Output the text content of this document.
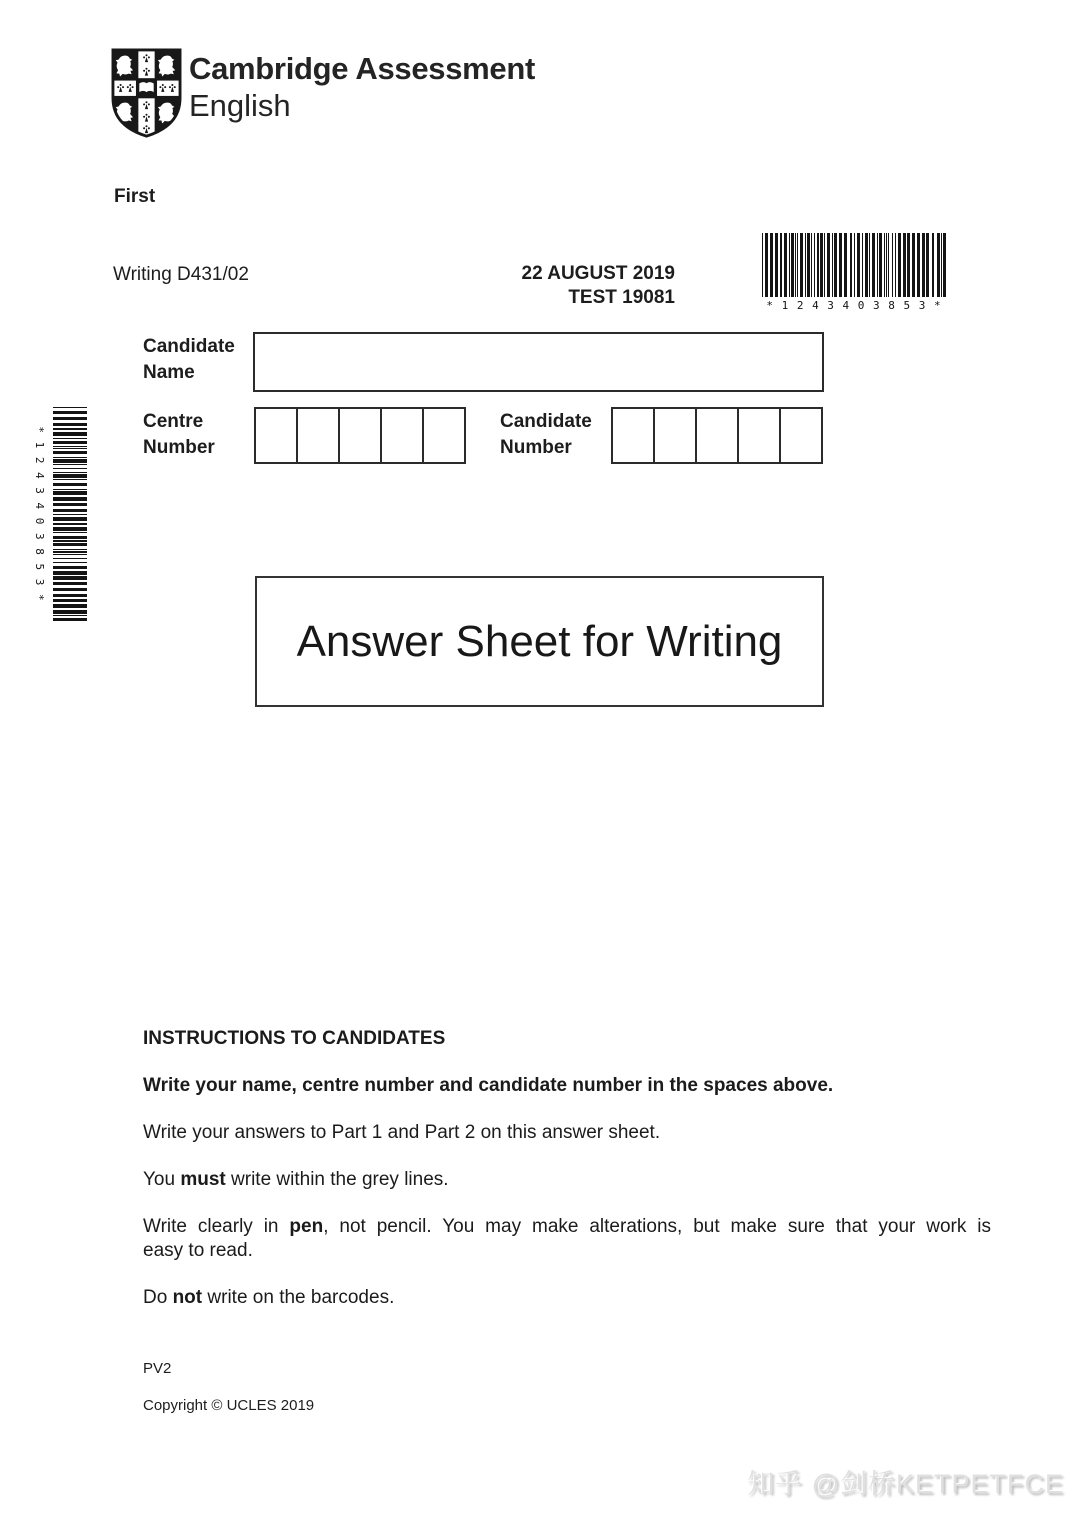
Cambridge Assessment
English
First
Writing D431/02	22 AUGUST 2019
TEST 19081	* 1 2 4 3 4 0 3 8 5 3 *
* 1 2 4 3 4 0 3 8 5 3 *
Candidate
Name
Centre
Number
Candidate
Number
Answer Sheet for Writing
INSTRUCTIONS TO CANDIDATES
Write your name, centre number and candidate number in the spaces above.
Write your answers to Part 1 and Part 2 on this answer sheet.
You must write within the grey lines.
Write clearly in pen, not pencil. You may make alterations, but make sure that your work is
easy to read.
Do not write on the barcodes.
PV2
Copyright © UCLES 2019
知乎 @剑桥KETPETFCE
